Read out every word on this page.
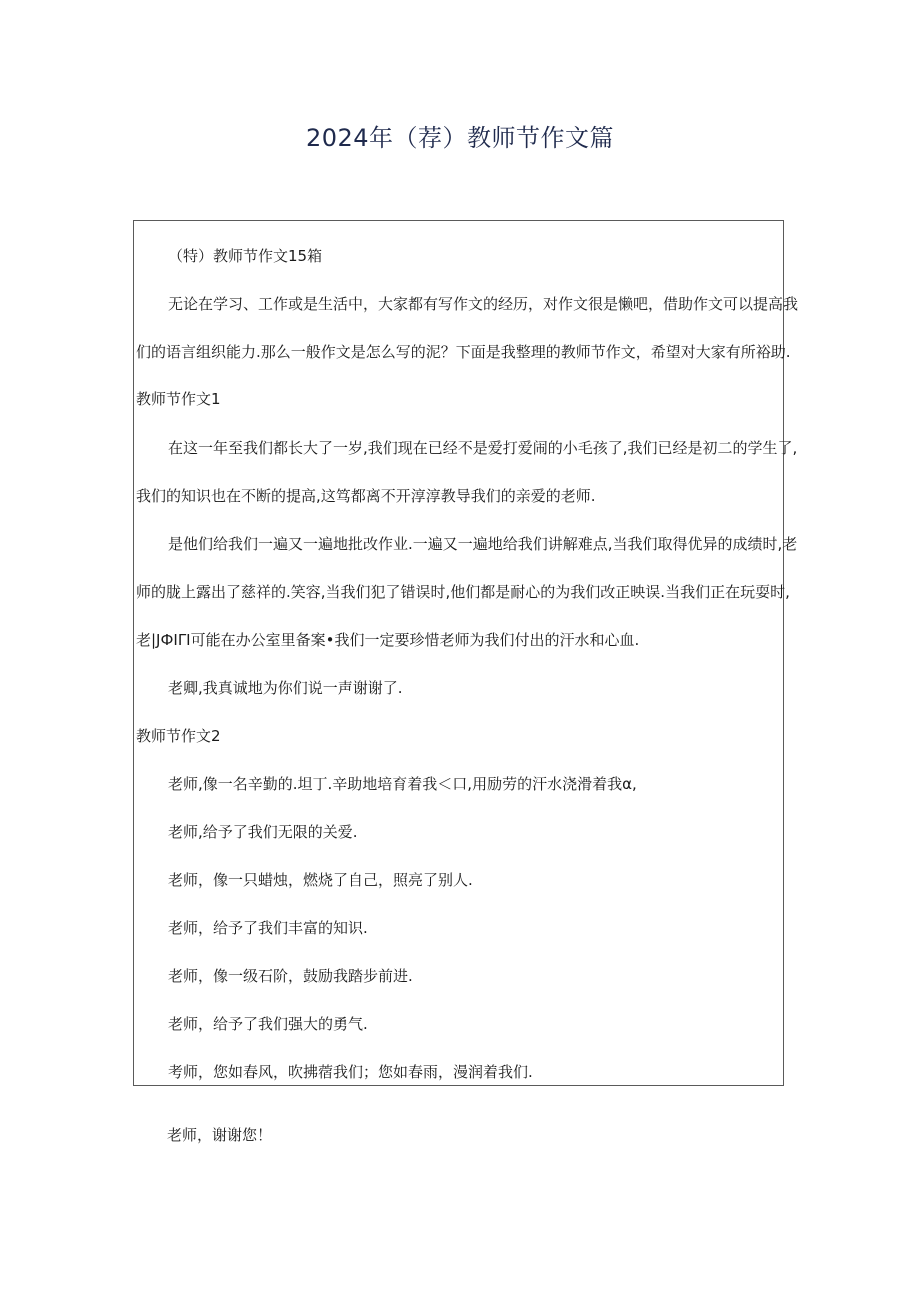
2024年（荐）教师节作文篇
（特）教师节作文15箱
无论在学习、工作或是生活中，大家都有写作文的经历，对作文很是懒吧，借助作文可以提高我
们的语言组织能力.那么一般作文是怎么写的泥？下面是我整理的教师节作文，希望对大家有所裕助.
教师节作文1
在这一年至我们都长大了一岁,我们现在已经不是爱打爱闹的小毛孩了,我们已经是初二的学生了,
我们的知识也在不断的提高,这笃都离不开淳淳教导我们的亲爱的老师.
是他们给我们一遍又一遍地批改作业.一遍又一遍地给我们讲解难点,当我们取得优异的成绩时,老
师的胧上露出了慈祥的.笑容,当我们犯了错误时,他们都是耐心的为我们改正映误.当我们正在玩耍时,
老|JФIΓI可能在办公室里备案•我们一定要珍惜老师为我们付出的汗水和心血.
老卿,我真诚地为你们说一声谢谢了.
教师节作文2
老师,像一名辛勤的.坦丁.辛助地培育着我＜口,用励劳的汗水浇滑着我α,
老师,给予了我们无限的关爱.
老师，像一只蜡烛，燃烧了自己，照亮了别人.
老师，给予了我们丰富的知识.
老师，像一级石阶，鼓励我踏步前进.
老师，给予了我们强大的勇气.
考师，您如春风，吹拂蓿我们；您如春雨，漫润着我们.
老师，谢谢您！
